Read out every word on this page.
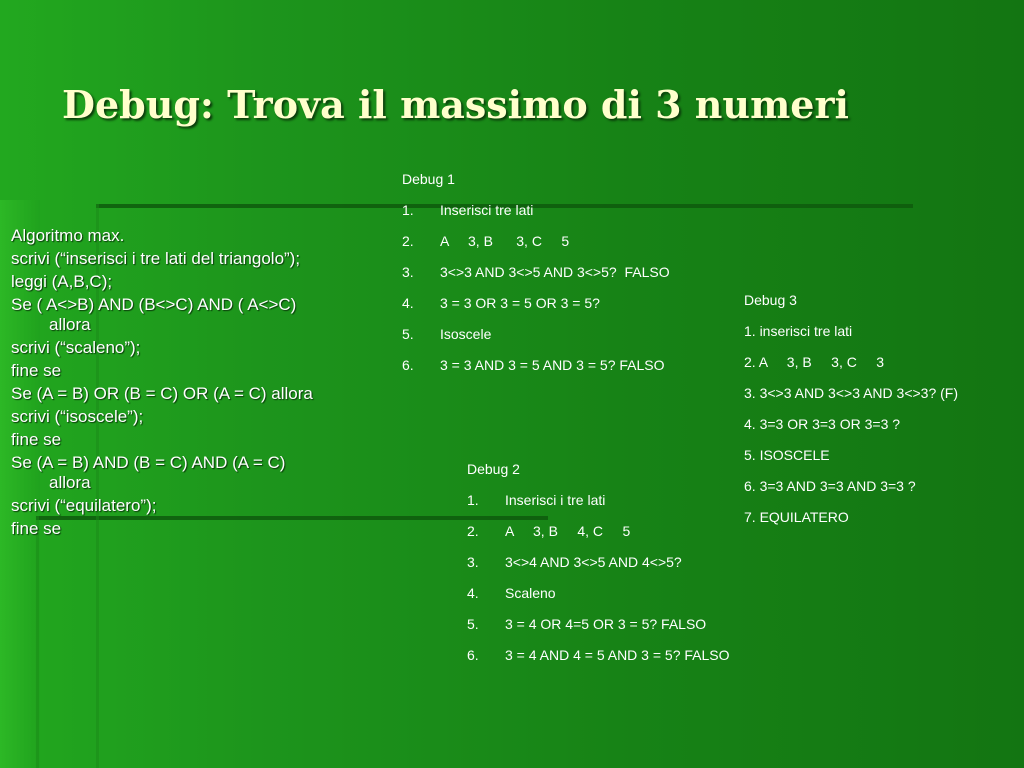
Debug: Trova il massimo di 3 numeri

Algoritmo max.

scrivi (“inserisci i tre lati del triangolo”);

leggi (A,B,C);

Se ( A<>B) AND (B<>C) AND ( A<>C)

allora

scrivi (“scaleno”);

fine se

Se (A = B) OR (B = C) OR (A = C) allora

scrivi (“isoscele”);

fine se

Se (A = B) AND (B = C) AND (A = C)

allora

scrivi (“equilatero”);

fine se

Debug 1
1.	Inserisci tre lati
2.	A     3, B      3, C     5
3.	3<>3 AND 3<>5 AND 3<>5?  FALSO
4.	3 = 3 OR 3 = 5 OR 3 = 5?
5.	Isoscele
6.	3 = 3 AND 3 = 5 AND 3 = 5? FALSO
Debug 2
1.	Inserisci i tre lati
2.	A     3, B     4, C     5
3.	3<>4 AND 3<>5 AND 4<>5?
4.	Scaleno
5.	3 = 4 OR 4=5 OR 3 = 5? FALSO
6.	3 = 4 AND 4 = 5 AND 3 = 5? FALSO
Debug 3
1. inserisci tre lati
2. A     3, B     3, C     3
3. 3<>3 AND 3<>3 AND 3<>3? (F)
4. 3=3 OR 3=3 OR 3=3 ?
5. ISOSCELE
6. 3=3 AND 3=3 AND 3=3 ?
7. EQUILATERO
